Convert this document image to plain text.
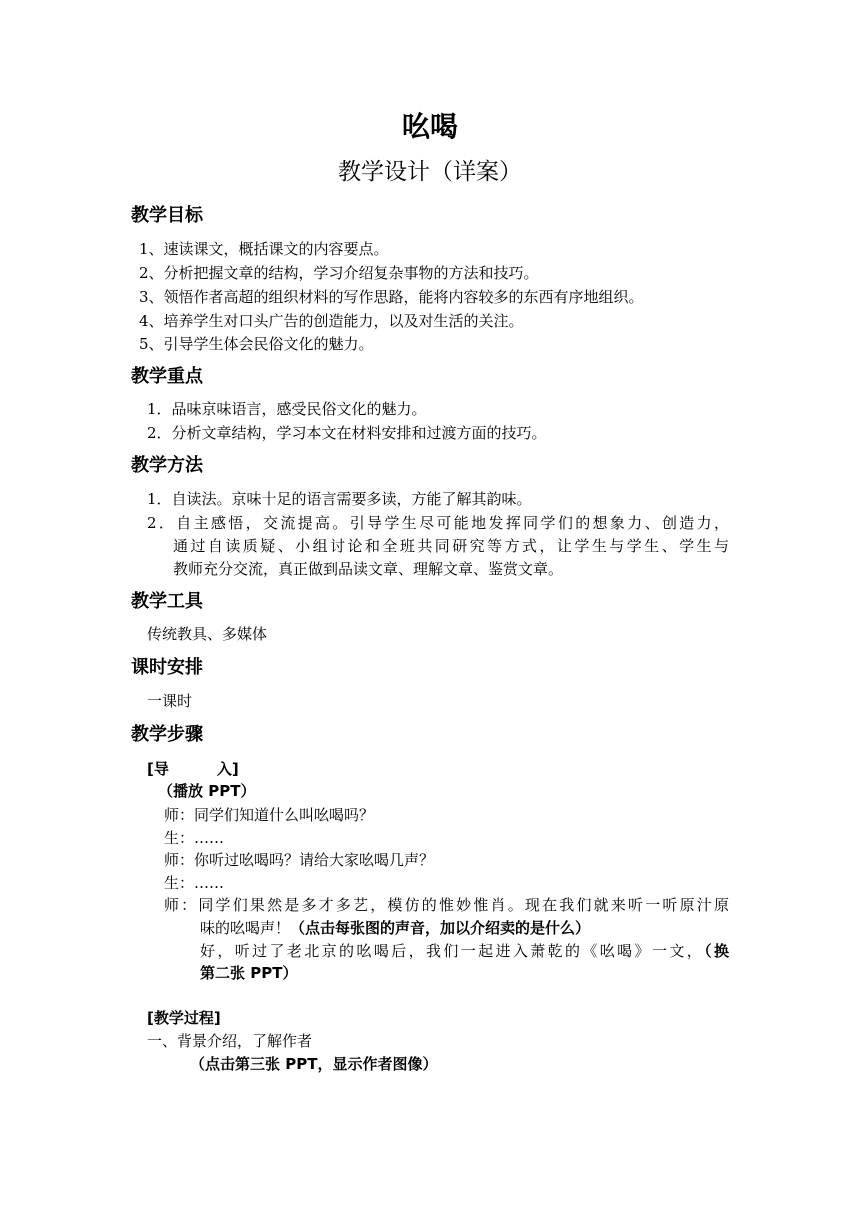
吆喝
教学设计（详案）
教学目标
1、速读课文，概括课文的内容要点。
2、分析把握文章的结构，学习介绍复杂事物的方法和技巧。
3、领悟作者高超的组织材料的写作思路，能将内容较多的东西有序地组织。
4、培养学生对口头广告的创造能力，以及对生活的关注。
5、引导学生体会民俗文化的魅力。
教学重点
1．品味京味语言，感受民俗文化的魅力。
2．分析文章结构，学习本文在材料安排和过渡方面的技巧。
教学方法
1．自读法。京味十足的语言需要多读，方能了解其韵味。
2．自主感悟，交流提高。引导学生尽可能地发挥同学们的想象力、创造力，
通过自读质疑、小组讨论和全班共同研究等方式，让学生与学生、学生与
教师充分交流，真正做到品读文章、理解文章、鉴赏文章。
教学工具
传统教具、多媒体
课时安排
一课时
教学步骤
[导	入]
（播放 PPT）
师：同学们知道什么叫吆喝吗？
生：……
师：你听过吆喝吗？请给大家吆喝几声？
生：……
师：同学们果然是多才多艺，模仿的惟妙惟肖。现在我们就来听一听原汁原
味的吆喝声！（点击每张图的声音，加以介绍卖的是什么）
好，听过了老北京的吆喝后，我们一起进入萧乾的《吆喝》一文，（换
第二张 PPT）
[教学过程]
一、背景介绍，了解作者
（点击第三张 PPT，显示作者图像）
